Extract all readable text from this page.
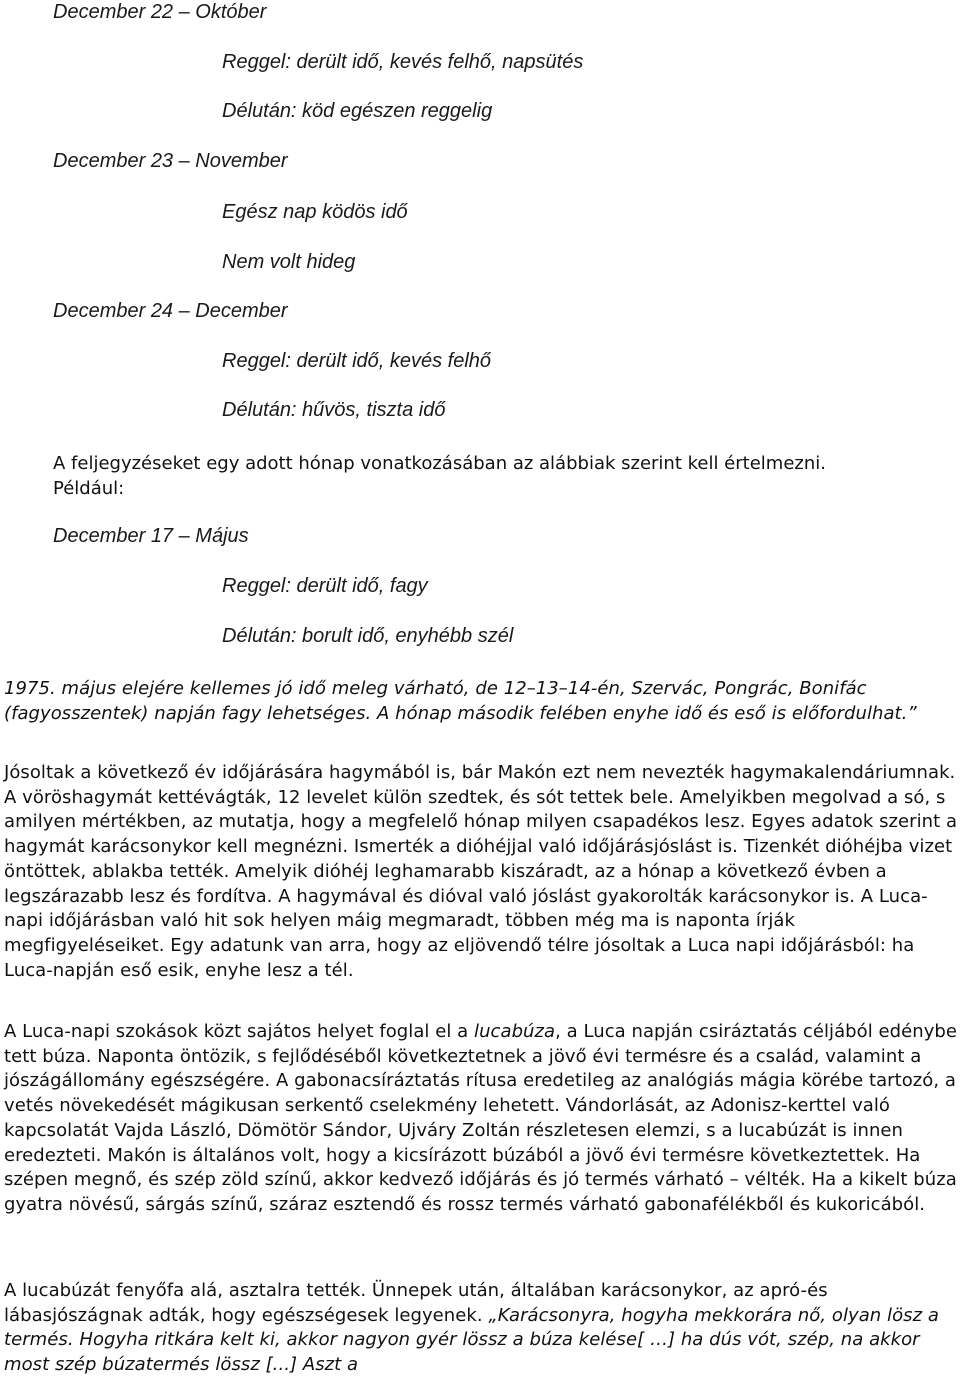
December 22 – Október

Reggel: derült idő, kevés felhő, napsütés

Délután: köd egészen reggelig

December 23 – November

Egész nap ködös idő

Nem volt hideg

December 24 – December

Reggel: derült idő, kevés felhő

Délután: hűvös, tiszta idő

A feljegyzéseket egy adott hónap vonatkozásában az alábbiak szerint kell értelmezni. Például:

December 17 – Május

Reggel: derült idő, fagy

Délután: borult idő, enyhébb szél

1975. május elejére kellemes jó idő meleg várható, de 12–13–14-én, Szervác, Pongrác, Bonifác (fagyosszentek) napján fagy lehetséges. A hónap második felében enyhe idő és eső is előfordulhat.”

Jósoltak a következő év időjárására hagymából is, bár Makón ezt nem nevezték hagymakalendáriumnak. A vöröshagymát kettévágták, 12 levelet külön szedtek, és sót tettek bele. Amelyikben megolvad a só, s amilyen mértékben, az mutatja, hogy a megfelelő hónap milyen csapadékos lesz. Egyes adatok szerint a hagymát karácsonykor kell megnézni. Ismerték a dióhéjjal való időjárásjóslást is. Tizenkét dióhéjba vizet öntöttek, ablakba tették. Amelyik dióhéj leghamarabb kiszáradt, az a hónap a következő évben a legszárazabb lesz és fordítva. A hagymával és dióval való jóslást gyakorolták karácsonykor is. A Luca-napi időjárásban való hit sok helyen máig megmaradt, többen még ma is naponta írják megfigyeléseiket. Egy adatunk van arra, hogy az eljövendő télre jósoltak a Luca napi időjárásból: ha Luca-napján eső esik, enyhe lesz a tél.

A Luca-napi szokások közt sajátos helyet foglal el a lucabúza, a Luca napján csiráztatás céljából edénybe tett búza. Naponta öntözik, s fejlődéséből következtetnek a jövő évi termésre és a család, valamint a jószágállomány egészségére. A gabonacsíráztatás rítusa eredetileg az analógiás mágia körébe tartozó, a vetés növekedését mágikusan serkentő cselekmény lehetett. Vándorlását, az Adonisz-kerttel való kapcsolatát Vajda László, Dömötör Sándor, Ujváry Zoltán részletesen elemzi, s a lucabúzát is innen eredezteti. Makón is általános volt, hogy a kicsírázott búzából a jövő évi termésre következtettek. Ha szépen megnő, és szép zöld színű, akkor kedvező időjárás és jó termés várható – vélték. Ha a kikelt búza gyatra növésű, sárgás színű, száraz esztendő és rossz termés várható gabonafélékből és kukoricából.

A lucabúzát fenyőfa alá, asztalra tették. Ünnepek után, általában karácsonykor, az apró-és lábasjószágnak adták, hogy egészségesek legyenek. „Karácsonyra, hogyha mekkorára nő, olyan lösz a termés. Hogyha ritkára kelt ki, akkor nagyon gyér lössz a búza kelése[ …] ha dús vót, szép, na akkor most szép búzatermés lössz [...] Aszt a
